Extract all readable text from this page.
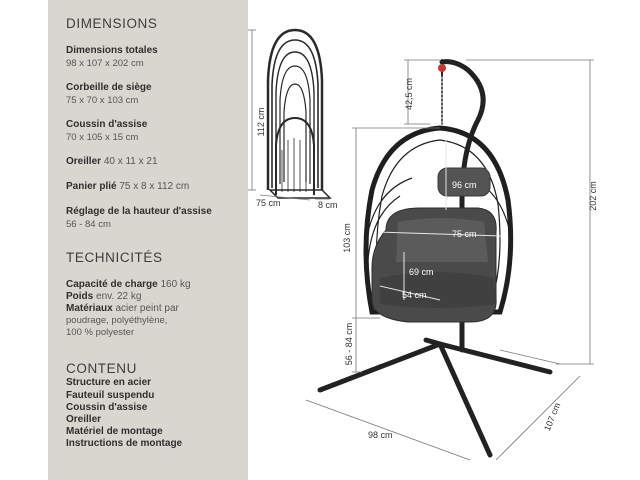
DIMENSIONS
Dimensions totales
98 x 107 x 202 cm
Corbeille de siège
75 x 70 x 103 cm
Coussin d'assise
70 x 105 x 15 cm
Oreiller 40 x 11 x 21
Panier plié 75 x 8 x 112 cm
Réglage de la hauteur d'assise
56 - 84 cm
TECHNICITÉS
Capacité de charge 160 kg
Poids env. 22 kg
Matériaux acier peint par
poudrage, polyéthylène,
100 % polyester
CONTENU
Structure en acier
Fauteuil suspendu
Coussin d'assise
Oreiller
Matériel de montage
Instructions de montage
112 cm
75 cm	8 cm
96 cm
75 cm
69 cm
54 cm
42,5 cm
202 cm
103 cm
56 - 84 cm
98 cm
107 cm
